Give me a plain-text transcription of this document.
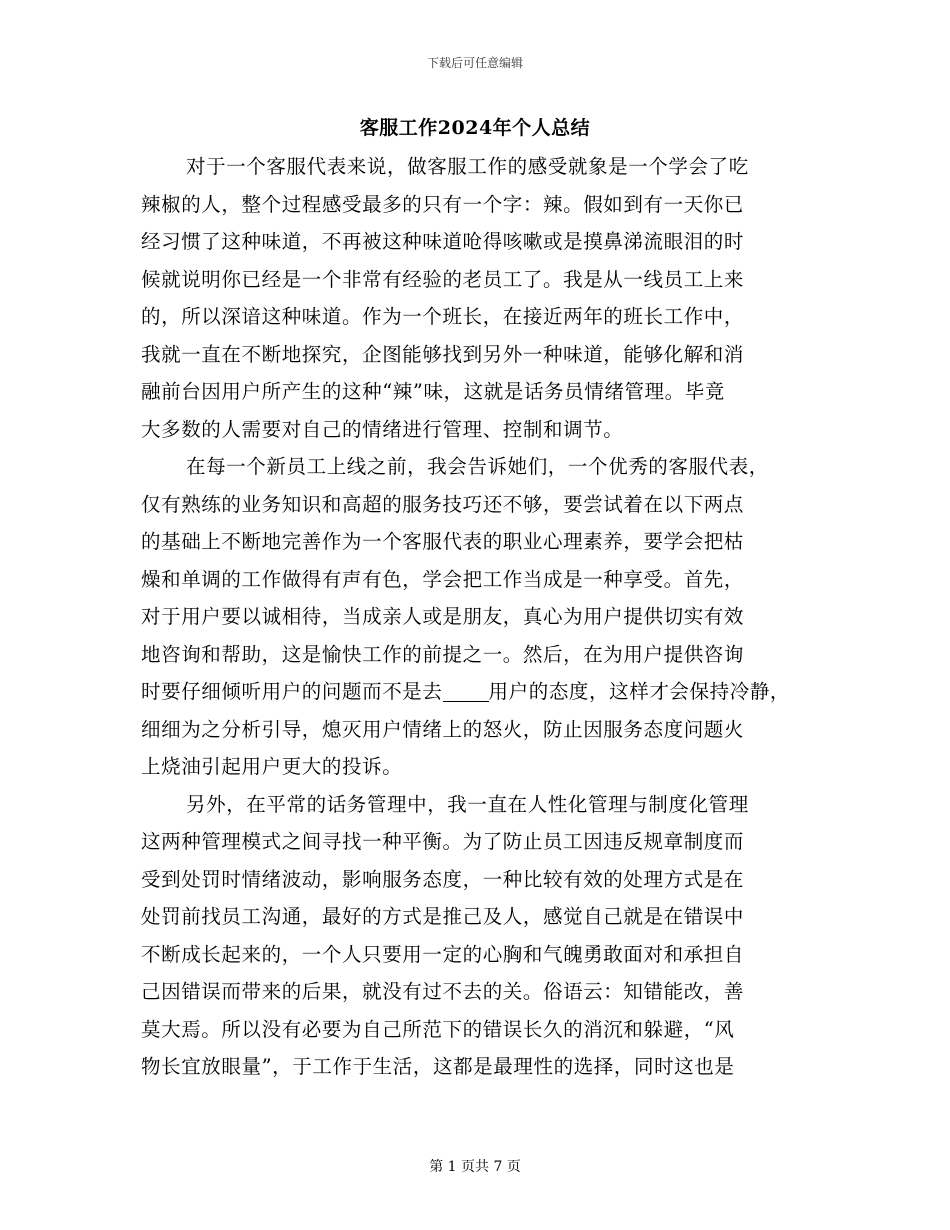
下载后可任意编辑
客服工作2024年个人总结
对于一个客服代表来说，做客服工作的感受就象是一个学会了吃
辣椒的人，整个过程感受最多的只有一个字：辣。假如到有一天你已
经习惯了这种味道，不再被这种味道呛得咳嗽或是摸鼻涕流眼泪的时
候就说明你已经是一个非常有经验的老员工了。我是从一线员工上来
的，所以深谙这种味道。作为一个班长，在接近两年的班长工作中，
我就一直在不断地探究，企图能够找到另外一种味道，能够化解和消
融前台因用户所产生的这种“辣”味，这就是话务员情绪管理。毕竟
大多数的人需要对自己的情绪进行管理、控制和调节。
在每一个新员工上线之前，我会告诉她们，一个优秀的客服代表，
仅有熟练的业务知识和高超的服务技巧还不够，要尝试着在以下两点
的基础上不断地完善作为一个客服代表的职业心理素养，要学会把枯
燥和单调的工作做得有声有色，学会把工作当成是一种享受。首先，
对于用户要以诚相待，当成亲人或是朋友，真心为用户提供切实有效
地咨询和帮助，这是愉快工作的前提之一。然后，在为用户提供咨询
时要仔细倾听用户的问题而不是去 用户的态度，这样才会保持冷静，
细细为之分析引导，熄灭用户情绪上的怒火，防止因服务态度问题火
上烧油引起用户更大的投诉。
另外，在平常的话务管理中，我一直在人性化管理与制度化管理
这两种管理模式之间寻找一种平衡。为了防止员工因违反规章制度而
受到处罚时情绪波动，影响服务态度，一种比较有效的处理方式是在
处罚前找员工沟通，最好的方式是推己及人，感觉自己就是在错误中
不断成长起来的，一个人只要用一定的心胸和气魄勇敢面对和承担自
己因错误而带来的后果，就没有过不去的关。俗语云：知错能改，善
莫大焉。所以没有必要为自己所范下的错误长久的消沉和躲避，“风
物长宜放眼量”，于工作于生活，这都是最理性的选择，同时这也是
第 1 页共 7 页
